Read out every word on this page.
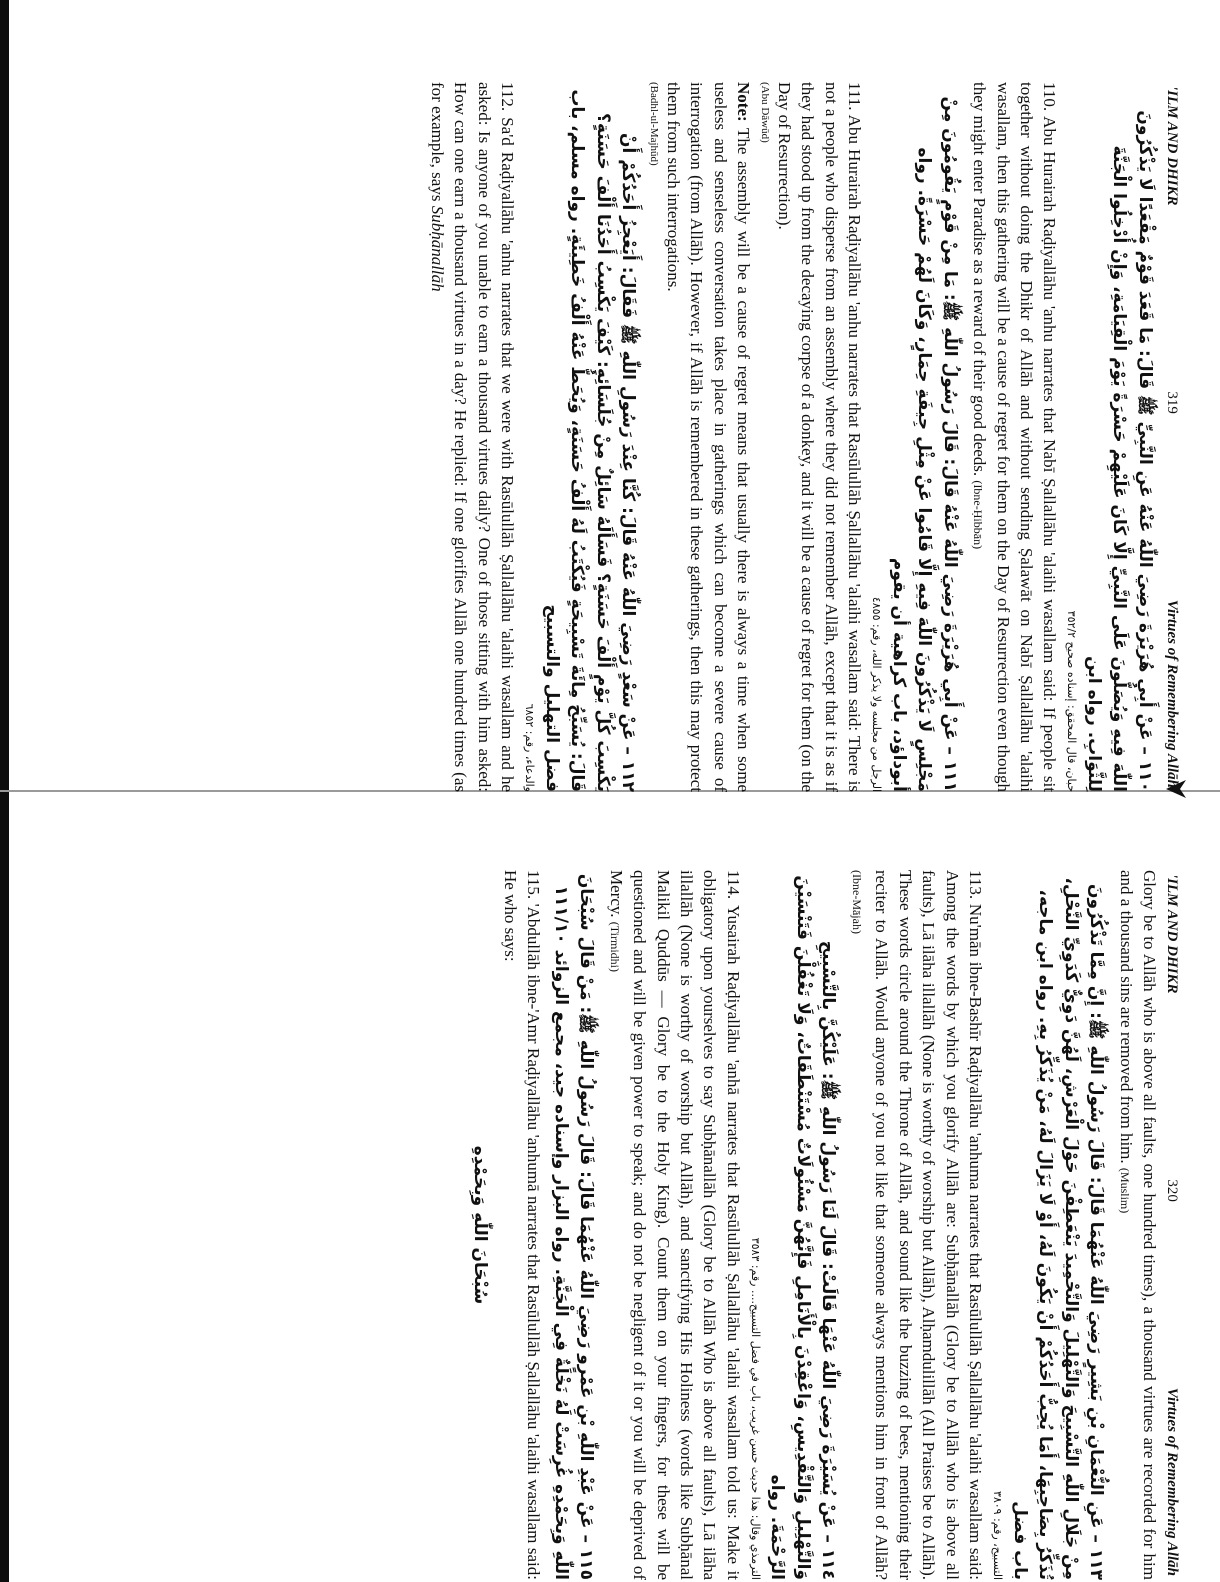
'ILM AND DHIKR
319
Virtues of Remembering Allāh
١١٠ – عَنْ أَبِي هُرَيْرَةَ رَضِيَ اللّٰهُ عَنْهُ عَنِ النَّبِيِّ ﷺ قَالَ: مَا قَعَدَ قَوْمٌ مَقْعَدًا لَا يَذْكُرُونَ اللّٰهَ فِيهِ وَيُصَلُّونَ عَلَى النَّبِيِّ إِلَّا كَانَ عَلَيْهِمْ حَسْرَةً يَوْمَ الْقِيَامَةِ، وَإِنْ أُدْخِلُوا الْجَنَّةَ لِلثَّوَابِ. رواه ابن
حبان، قال المحقق: إسناده صحيح ٣٥٢/٢
110. Abu Hurairah Raḍiyallāhu 'anhu narrates that Nabī Ṣallallāhu 'alaihi wasallam said: If people sit together without doing the Dhikr of Allāh and without sending Ṣalawāt on Nabī Ṣallallāhu 'alaihi wasallam, then this gathering will be a cause of regret for them on the Day of Resurrection even though they might enter Paradise as a reward of their good deeds. (Ibne-Ḥibbān)
١١١ – عَنْ أَبِي هُرَيْرَةَ رَضِيَ اللّٰهُ عَنْهُ قَالَ: قَالَ رَسُولُ اللّٰهِ ﷺ: مَا مِنْ قَوْمٍ يَقُومُونَ مِنْ مَجْلِسٍ لَا يَذْكُرُونَ اللّٰهَ فِيهِ إِلَّا قَامُوا عَنْ مِثْلِ جِيفَةِ حِمَارٍ، وَكَانَ لَهُمْ حَسْرَةً. رواه أبوداؤد، باب كراهية أن يقوم
الرجل من مجلسه ولا يذكر الله، رقم: ٤٨٥٥
111. Abu Hurairah Raḍiyallāhu 'anhu narrates that Rasūlullāh Ṣallallāhu 'alaihi wasallam said: There is not a people who disperse from an assembly where they did not remember Allāh, except that it is as if they had stood up from the decaying corpse of a donkey, and it will be a cause of regret for them (on the Day of Resurrection).
(Abu Dāwūd)
Note: The assembly will be a cause of regret means that usually there is always a time when some useless and senseless conversation takes place in gatherings which can become a severe cause of interrogation (from Allāh). However, if Allāh is remembered in these gatherings, then this may protect them from such interrogations.
(Badhl-ul-Majhūd)
١١٢ – عَنْ سَعْدٍ رَضِيَ اللّٰهُ عَنْهُ قَالَ: كُنَّا عِنْدَ رَسُولِ اللّٰهِ ﷺ فَقَالَ: أَيَعْجِزُ أَحَدُكُمْ أَنْ يَكْسِبَ كُلَّ يَوْمٍ أَلْفَ حَسَنَةٍ؟ فَسَأَلَهُ سَائِلٌ مِنْ جُلَسَائِهِ: كَيْفَ يَكْسِبُ أَحَدُنَا أَلْفَ حَسَنَةٍ؟ قَالَ: يُسَبِّحُ مِائَةَ تَسْبِيحَةٍ فَيُكْتَبُ لَهُ أَلْفُ حَسَنَةٍ، وَيُحَطُّ عَنْهُ أَلْفُ خَطِيئَةٍ. رواه مسلم، باب فضل التهليل والتسبيح
والدعاء، رقم: ٦٨٥٢
112. Sa'd Raḍiyallāhu 'anhu narrates that we were with Rasūlullāh Ṣallallāhu 'alaihi wasallam and he asked: Is anyone of you unable to earn a thousand virtues daily? One of those sitting with him asked: How can one earn a thousand virtues in a day? He replied: If one glorifies Allāh one hundred times (as for example, says Subḥānallāh
'ILM AND DHIKR
320
Virtues of Remembering Allāh
Glory be to Allāh who is above all faults, one hundred times), a thousand virtues are recorded for him and a thousand sins are removed from him. (Muslim)
١١٣ – عَنِ النُّعْمَانِ بْنِ بَشِيرٍ رَضِيَ اللّٰهُ عَنْهُمَا قَالَ: قَالَ رَسُولُ اللّٰهِ ﷺ: إِنَّ مِمَّا تَذْكُرُونَ مِنْ جَلَالِ اللّٰهِ التَّسْبِيحَ وَالتَّهْلِيلَ وَالتَّحْمِيدَ يَنْعَطِفْنَ حَوْلَ الْعَرْشِ، لَهُنَّ دَوِيٌّ كَدَوِيِّ النَّحْلِ، تُذَكِّرُ بِصَاحِبِهَا، أَمَا يُحِبُّ أَحَدُكُمْ أَنْ يَكُونَ لَهُ، أَوْ لَا يَزَالَ لَهُ، مَنْ يُذَكِّرُ بِهِ. رواه ابن ماجه، باب فضل
التسبيح، رقم: ٣٨٠٩
113. Nu'mān ibne-Bashīr Raḍiyallāhu 'anhuma narrates that Rasūlullāh Ṣallallāhu 'alaihi wasallam said: Among the words by which you glorify Allāh are: Subḥānallāh (Glory be to Allāh who is above all faults), Lā ilāha illallāh (None is worthy of worship but Allāh), Alḥamdulillāh (All Praises be to Allāh). These words circle around the Throne of Allāh, and sound like the buzzing of bees, mentioning their reciter to Allāh. Would anyone of you not like that someone always mentions him in front of Allāh? (Ibne-Mājah)
١١٤ – عَنْ يُسَيْرَةَ رَضِيَ اللّٰهُ عَنْهَا قَالَتْ: قَالَ لَنَا رَسُولُ اللّٰهِ ﷺ: عَلَيْكُنَّ بِالتَّسْبِيحِ وَالتَّهْلِيلِ وَالتَّقْدِيسِ، وَاعْقِدْنَ بِالْأَنَامِلِ فَإِنَّهُنَّ مَسْئُولَاتٌ مُسْتَنْطَقَاتٌ، وَلَا تَغْفُلْنَ فَتَنْسَيْنَ الرَّحْمَةَ. رواه
الترمذي وقال: هذا حديث حسن غريب، باب في فضل التسبيح.... رقم: ٣٥٨٣
114. Yusairah Raḍiyallāhu 'anhā narrates that Rasūlullāh Ṣallallāhu 'alaihi wasallam told us: Make it obligatory upon yourselves to say Subḥānallāh (Glory be to Allāh Who is above all faults), Lā ilāha illallāh (None is worthy of worship but Allāh), and sanctifying His Holiness (words like Subḥānal Malikil Quddūs — Glory be to the Holy King). Count them on your fingers, for these will be questioned and will be given power to speak; and do not be negligent of it or you will be deprived of Mercy. (Tirmidhi)
١١٥ – عَنْ عَبْدِ اللّٰهِ بْنِ عَمْرٍو رَضِيَ اللّٰهُ عَنْهُمَا قَالَ: قَالَ رَسُولُ اللّٰهِ ﷺ: مَنْ قَالَ سُبْحَانَ اللّٰهِ وَبِحَمْدِهِ غُرِسَتْ لَهُ نَخْلَةٌ فِي الْجَنَّةِ. رواه البزار وإسناده جيد، مجمع الزوائد ١١١/١٠
115. 'Abdullāh ibne-'Amr Raḍiyallāhu 'anhumā narrates that Rasūlullāh Ṣallallāhu 'alaihi wasallam said: He who says:
سُبْحَانَ اللّٰهِ وَبِحَمْدِهِ
